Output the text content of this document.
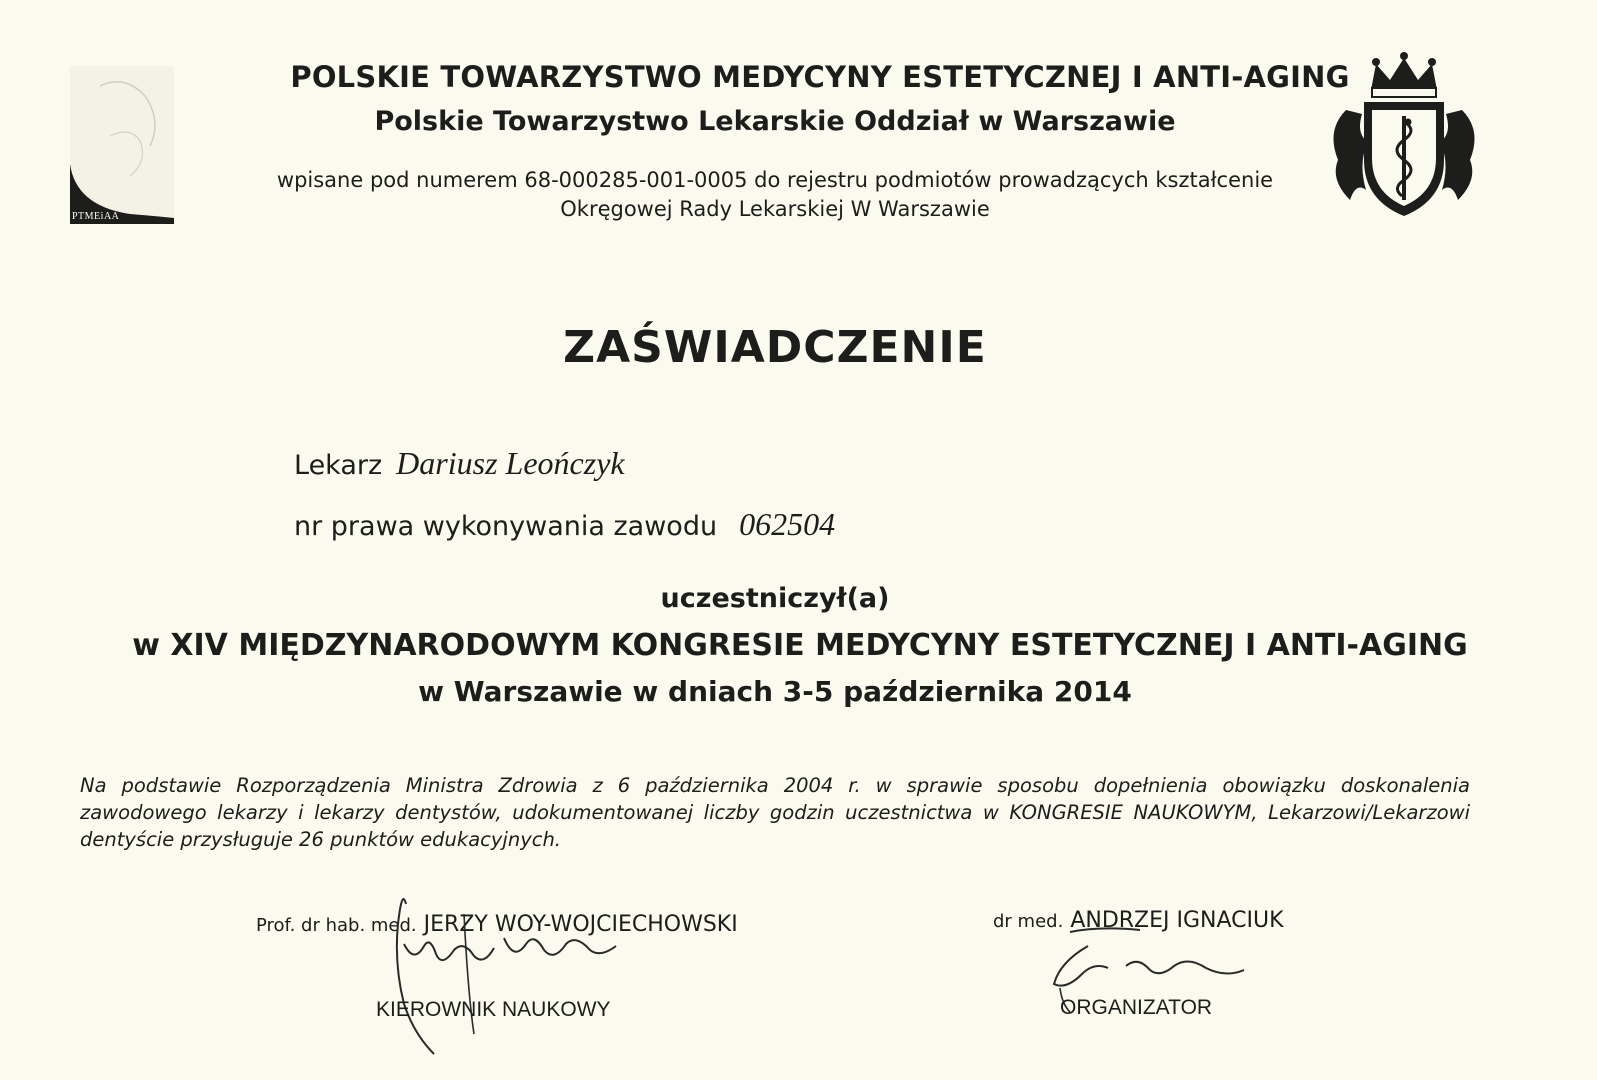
PTMEiAA
POLSKIE TOWARZYSTWO MEDYCYNY ESTETYCZNEJ I ANTI-AGING
Polskie Towarzystwo Lekarskie Oddział w Warszawie
wpisane pod numerem 68-000285-001-0005 do rejestru podmiotów prowadzących kształcenie
Okręgowej Rady Lekarskiej W Warszawie
ZAŚWIADCZENIE
Lekarz Dariusz Leończyk
nr prawa wykonywania zawodu 062504
uczestniczył(a)
w XIV MIĘDZYNARODOWYM KONGRESIE MEDYCYNY ESTETYCZNEJ I ANTI-AGING
w Warszawie w dniach 3-5 października 2014
Na podstawie Rozporządzenia Ministra Zdrowia z 6 października 2004 r. w sprawie sposobu dopełnienia obowiązku doskonalenia zawodowego lekarzy i lekarzy dentystów, udokumentowanej liczby godzin uczestnictwa w KONGRESIE NAUKOWYM, Lekarzowi/Lekarzowi dentyście przysługuje 26 punktów edukacyjnych.
Prof. dr hab. med. JERZY WOY-WOJCIECHOWSKI
KIEROWNIK NAUKOWY
dr med. ANDRZEJ IGNACIUK
ORGANIZATOR
